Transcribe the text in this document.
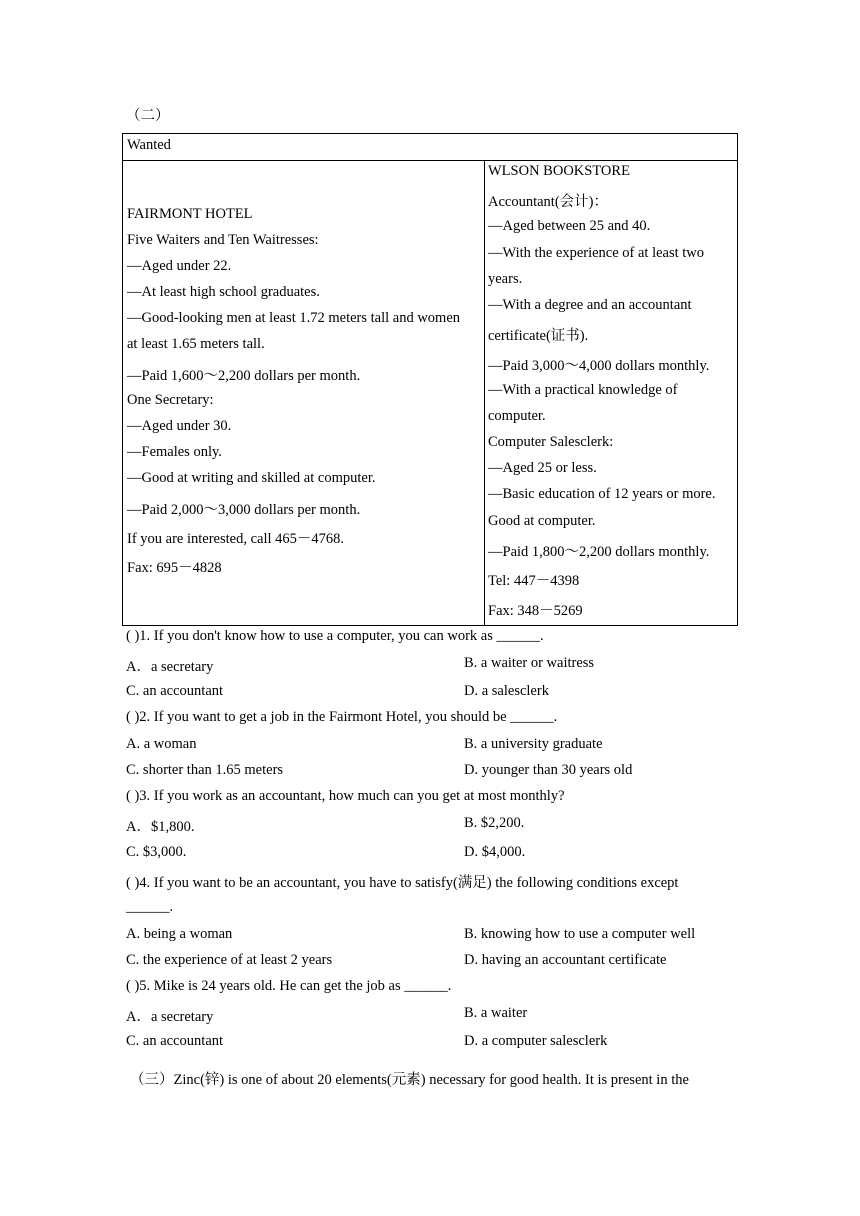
（二）
Wanted
FAIRMONT HOTEL
Five Waiters and Ten Waitresses:
—Aged under 22.
—At least high school graduates.
—Good-looking men at least 1.72 meters tall and women
at least 1.65 meters tall.
—Paid 1,600～2,200 dollars per month.
One Secretary:
—Aged under 30.
—Females only.
—Good at writing and skilled at computer.
—Paid 2,000～3,000 dollars per month.
If you are interested, call 465－4768.
Fax: 695－4828
WLSON BOOKSTORE
Accountant(会计)：
—Aged between 25 and 40.
—With the experience of at least two
years.
—With a degree and an accountant
certificate(证书).
—Paid 3,000～4,000 dollars monthly.
—With a practical knowledge of
computer.
Computer Salesclerk:
—Aged 25 or less.
—Basic education of 12 years or more.
Good at computer.
—Paid 1,800～2,200 dollars monthly.
Tel: 447－4398
Fax: 348－5269
( )1. If you don't know how to use a computer, you can work as ______.
A．a secretary	B. a waiter or waitress
C. an accountant	D. a salesclerk
( )2. If you want to get a job in the Fairmont Hotel, you should be ______.
A. a woman	B. a university graduate
C. shorter than 1.65 meters	D. younger than 30 years old
( )3. If you work as an accountant, how much can you get at most monthly?
A．$1,800.	B. $2,200.
C. $3,000.	D. $4,000.
( )4. If you want to be an accountant, you have to satisfy(满足) the following conditions except
______.
A. being a woman	B. knowing how to use a computer well
C. the experience of at least 2 years	D. having an accountant certificate
( )5. Mike is 24 years old. He can get the job as ______.
A．a secretary	B. a waiter
C. an accountant	D. a computer salesclerk
（三）Zinc(锌) is one of about 20 elements(元素) necessary for good health. It is present in the
